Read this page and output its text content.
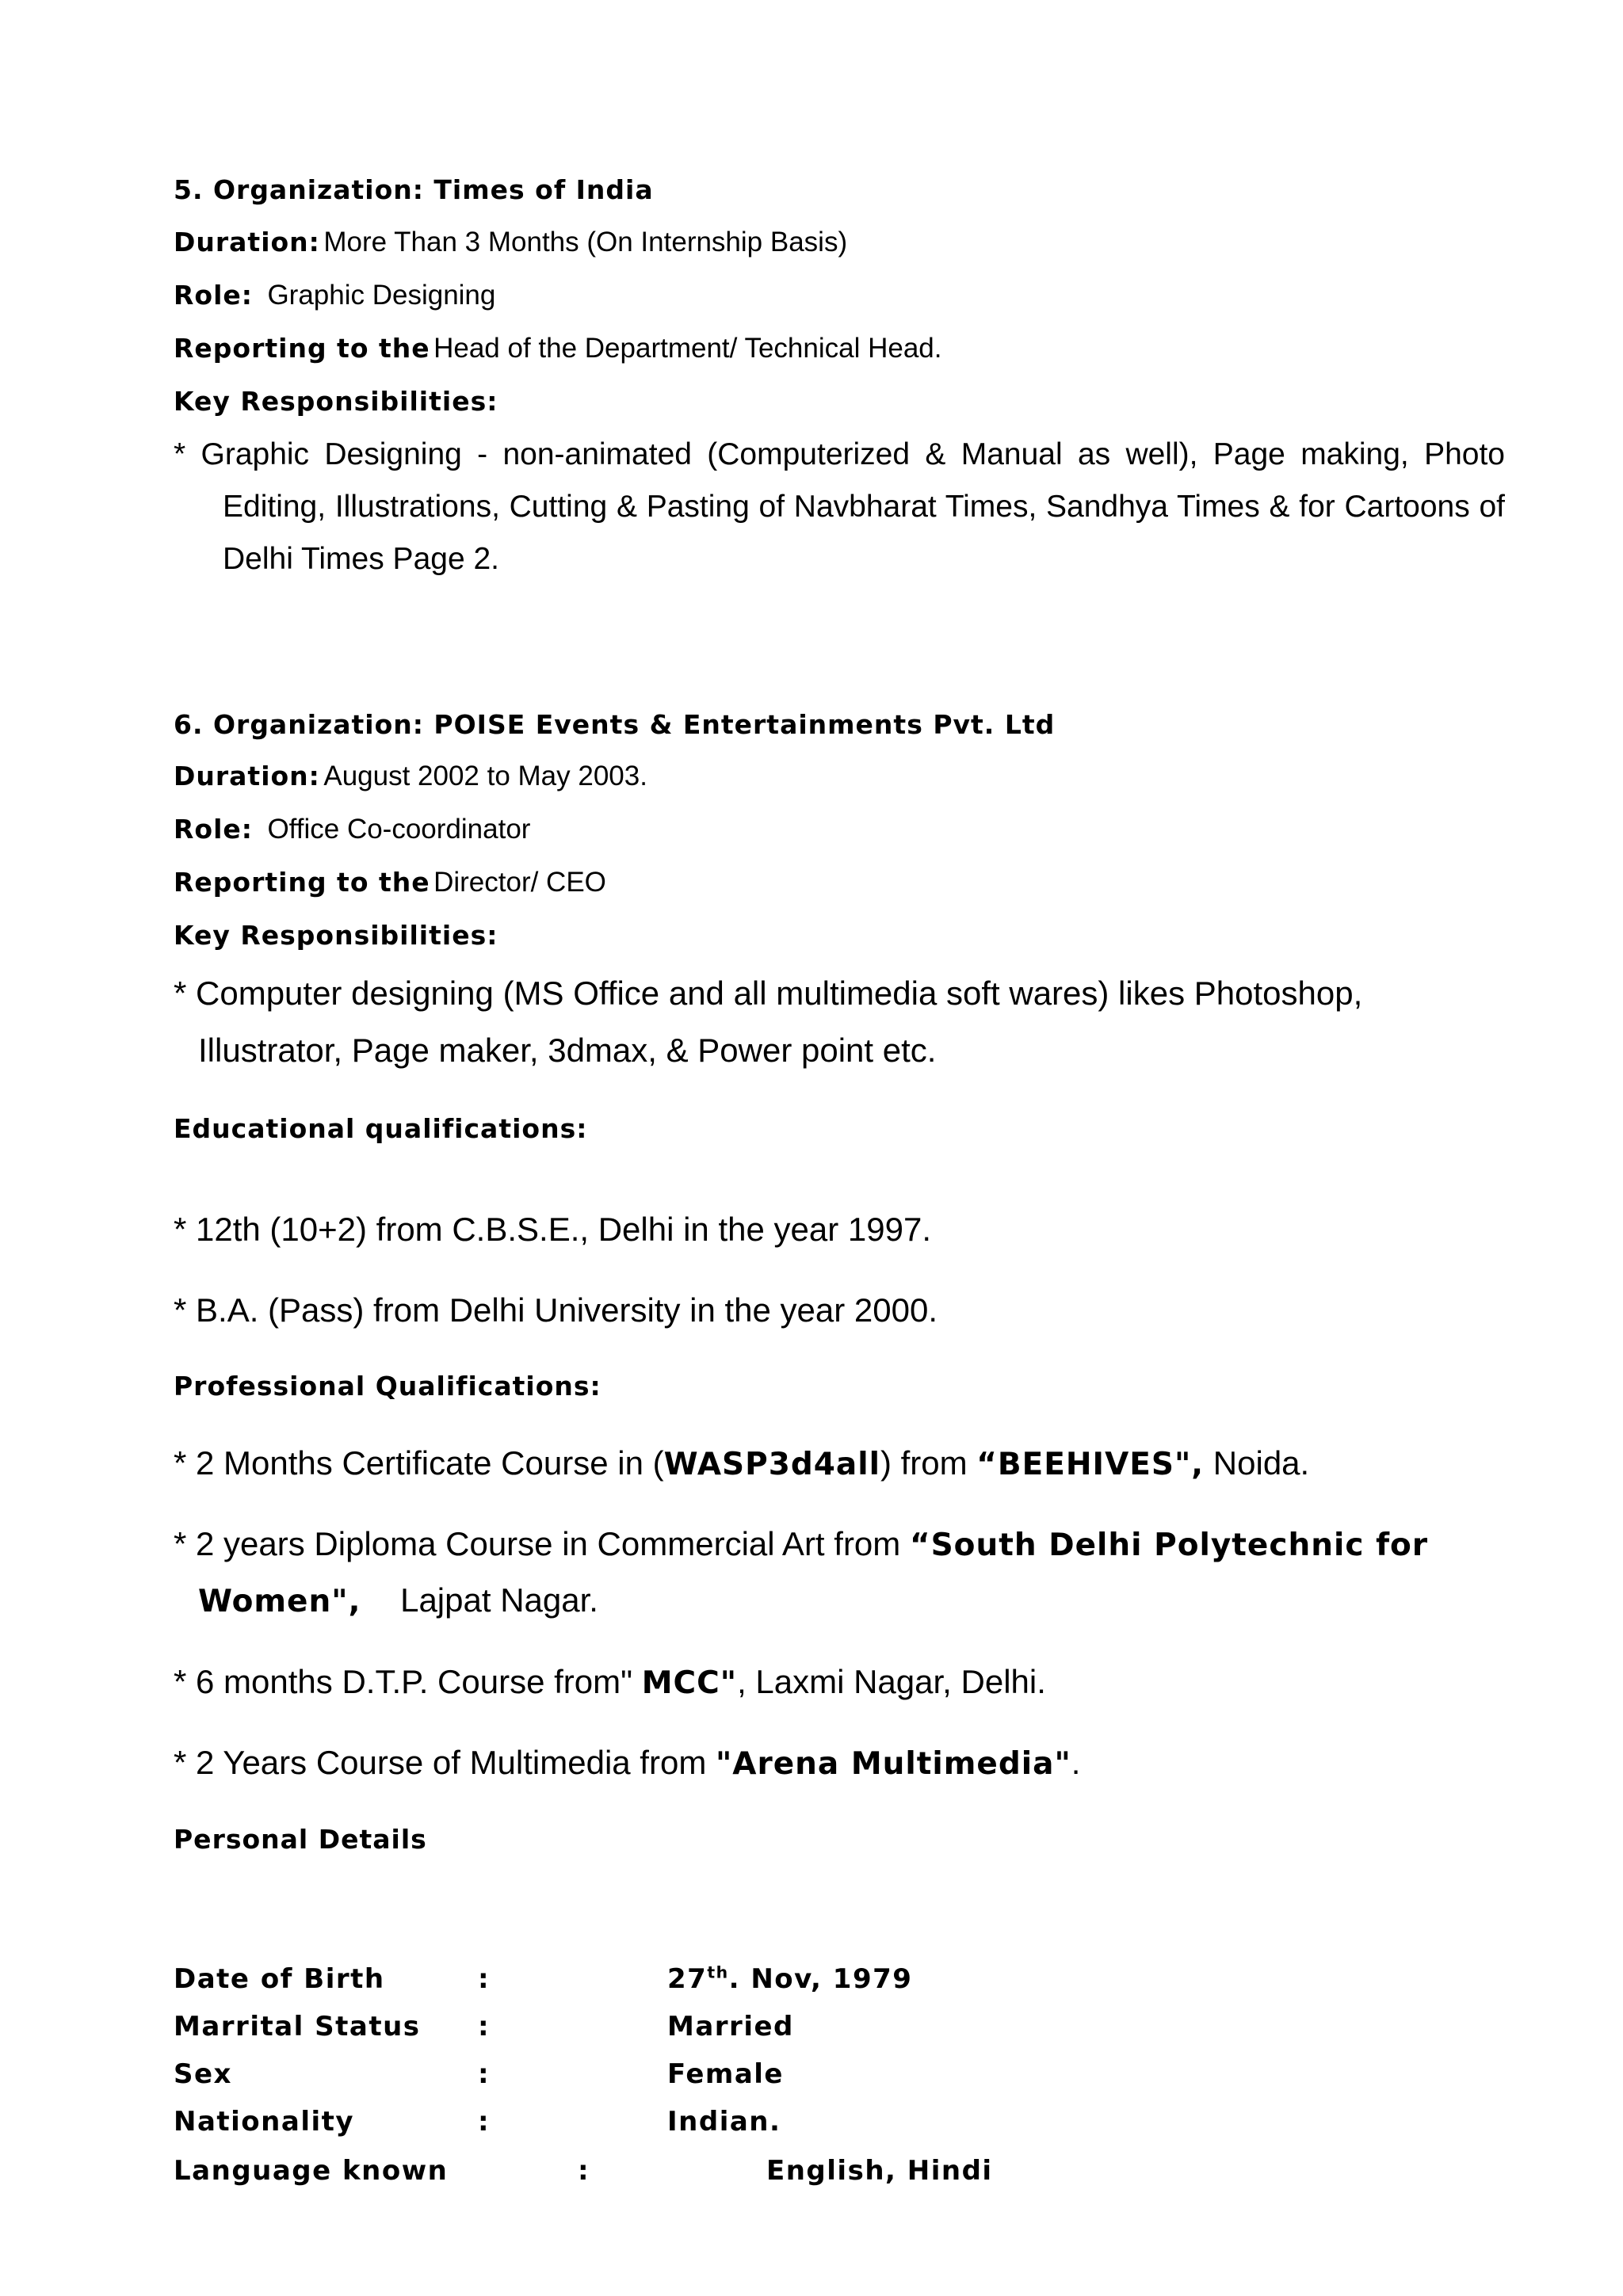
5. Organization: Times of India
Duration: More Than 3 Months (On Internship Basis)
Role: Graphic Designing
Reporting to the Head of the Department/ Technical Head.
Key Responsibilities:
* Graphic Designing - non-animated (Computerized & Manual as well), Page making, Photo
Editing, Illustrations, Cutting & Pasting of Navbharat Times, Sandhya Times & for Cartoons of
Delhi Times Page 2.
6. Organization: POISE Events & Entertainments Pvt. Ltd
Duration: August 2002 to May 2003.
Role: Office Co-coordinator
Reporting to the Director/ CEO
Key Responsibilities:
* Computer designing (MS Office and all multimedia soft wares) likes Photoshop,
Illustrator, Page maker, 3dmax, & Power point etc.
Educational qualifications:
* 12th (10+2) from C.B.S.E., Delhi in the year 1997.
* B.A. (Pass) from Delhi University in the year 2000.
Professional Qualifications:
* 2 Months Certificate Course in (WASP3d4all) from “BEEHIVES", Noida.
* 2 years Diploma Course in Commercial Art from “South Delhi Polytechnic for
Women", Lajpat Nagar.
* 6 months D.T.P. Course from" MCC", Laxmi Nagar, Delhi.
* 2 Years Course of Multimedia from "Arena Multimedia".
Personal Details
Date of Birth	:	27th. Nov, 1979
Marrital Status :	Married
Sex	:	Female
Nationality	:	Indian.
Language known	:	English, Hindi
